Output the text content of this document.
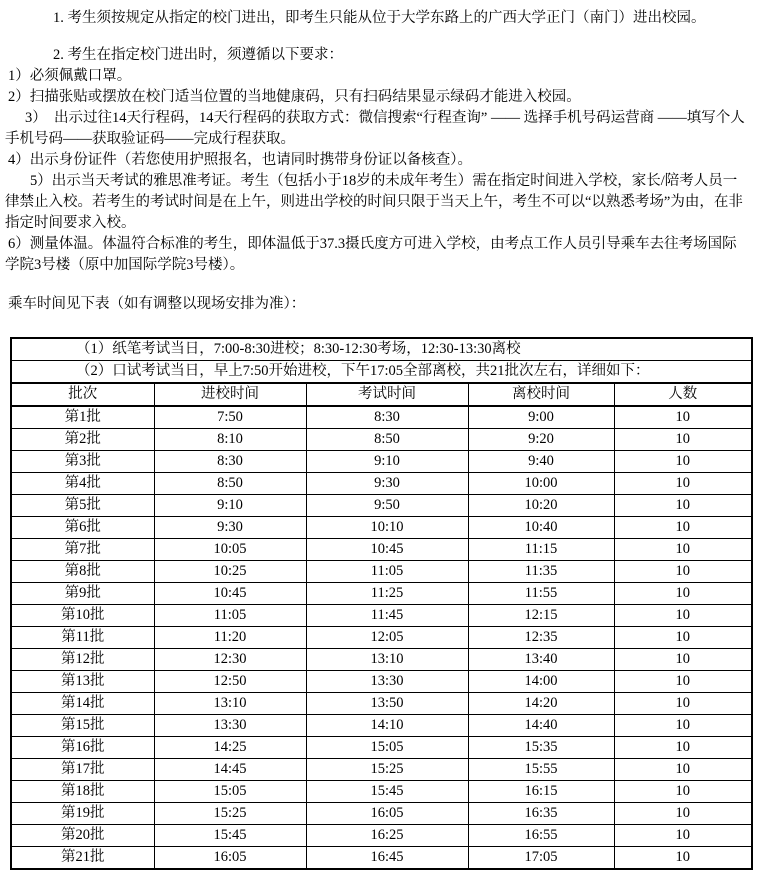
1. 考生须按规定从指定的校门进出，即考生只能从位于大学东路上的广西大学正门（南门）进出校园。

2. 考生在指定校门进出时，须遵循以下要求：

1）必须佩戴口罩。

2）扫描张贴或摆放在校门适当位置的当地健康码，只有扫码结果显示绿码才能进入校园。

3）　出示过往14天行程码，14天行程码的获取方式：微信搜索“行程查询” —— 选择手机号码运营商 ——填写个人手机号码——获取验证码——完成行程获取。

4）出示身份证件（若您使用护照报名，也请同时携带身份证以备核查）。

5）出示当天考试的雅思准考证。考生（包括小于18岁的未成年考生）需在指定时间进入学校，家长/陪考人员一律禁止入校。若考生的考试时间是在上午，则进出学校的时间只限于当天上午，考生不可以“以熟悉考场”为由，在非指定时间要求入校。

6）测量体温。体温符合标准的考生，即体温低于37.3摄氏度方可进入学校，由考点工作人员引导乘车去往考场国际学院3号楼（原中加国际学院3号楼）。

乘车时间见下表（如有调整以现场安排为准）：

（1）纸笔考试当日，7:00-8:30进校；8:30-12:30考场，12:30-13:30离校				
（2）口试考试当日，早上7:50开始进校，下午17:05全部离校，共21批次左右，详细如下：				
批次	进校时间	考试时间	离校时间	人数
第1批	7:50	8:30	9:00	10
第2批	8:10	8:50	9:20	10
第3批	8:30	9:10	9:40	10
第4批	8:50	9:30	10:00	10
第5批	9:10	9:50	10:20	10
第6批	9:30	10:10	10:40	10
第7批	10:05	10:45	11:15	10
第8批	10:25	11:05	11:35	10
第9批	10:45	11:25	11:55	10
第10批	11:05	11:45	12:15	10
第11批	11:20	12:05	12:35	10
第12批	12:30	13:10	13:40	10
第13批	12:50	13:30	14:00	10
第14批	13:10	13:50	14:20	10
第15批	13:30	14:10	14:40	10
第16批	14:25	15:05	15:35	10
第17批	14:45	15:25	15:55	10
第18批	15:05	15:45	16:15	10
第19批	15:25	16:05	16:35	10
第20批	15:45	16:25	16:55	10
第21批	16:05	16:45	17:05	10
